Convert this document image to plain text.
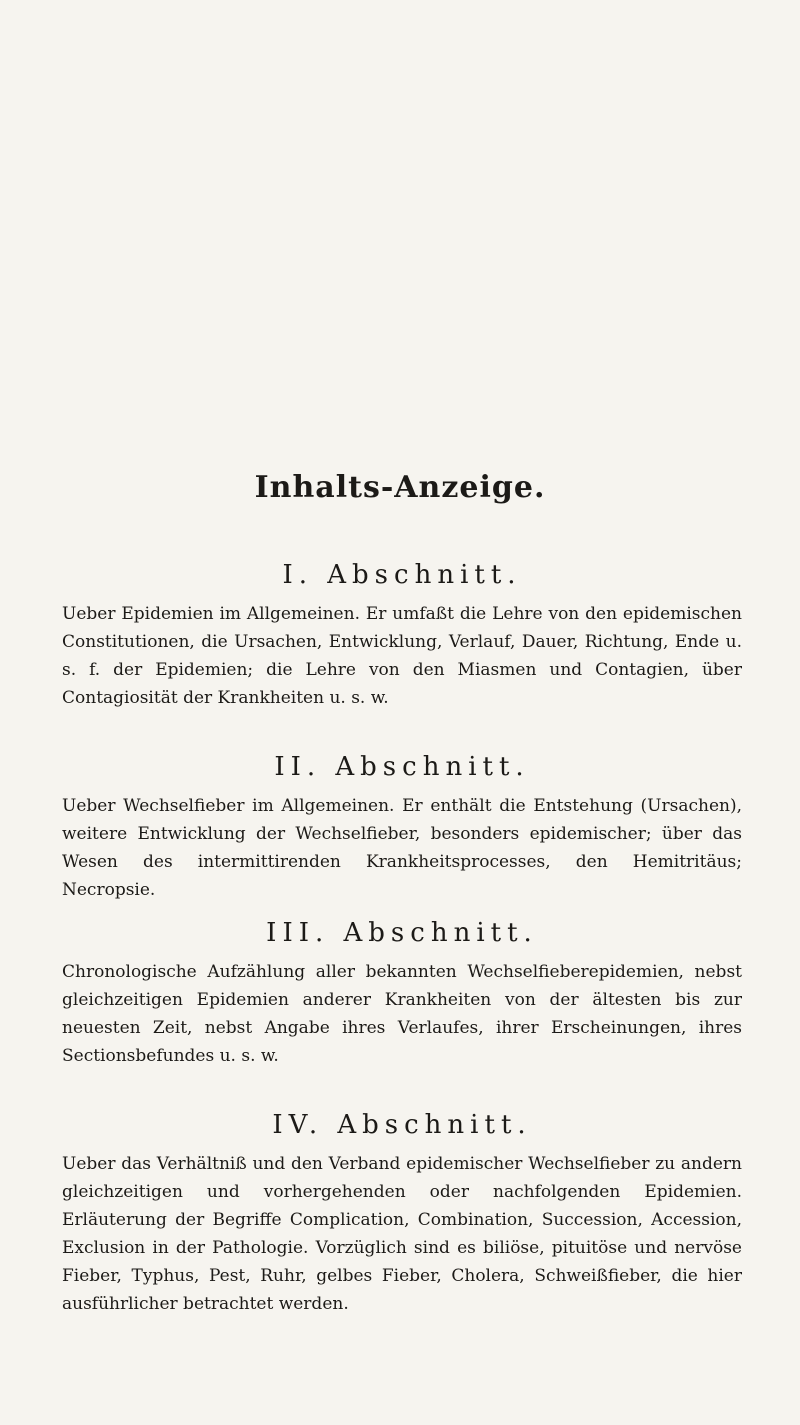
Inhalts-Anzeige.
I. Abschnitt.

Ueber Epidemien im Allgemeinen. Er umfaßt die Lehre von den epidemischen Constitutionen, die Ursachen, Entwicklung, Verlauf, Dauer, Richtung, Ende u. s. f. der Epidemien; die Lehre von den Miasmen und Contagien, über Contagiosität der Krankheiten u. s. w.

II. Abschnitt.

Ueber Wechselfieber im Allgemeinen. Er enthält die Entstehung (Ursachen), weitere Entwicklung der Wechselfieber, besonders epidemischer; über das Wesen des intermittirenden Krankheitsprocesses, den Hemitritäus; Necropsie.

III. Abschnitt.

Chronologische Aufzählung aller bekannten Wechselfieberepidemien, nebst gleichzeitigen Epidemien anderer Krankheiten von der ältesten bis zur neuesten Zeit, nebst Angabe ihres Verlaufes, ihrer Erscheinungen, ihres Sectionsbefundes u. s. w.

IV. Abschnitt.

Ueber das Verhältniß und den Verband epidemischer Wechselfieber zu andern gleichzeitigen und vorhergehenden oder nachfolgenden Epidemien. Erläuterung der Begriffe Complication, Combination, Succession, Accession, Exclusion in der Pathologie. Vorzüglich sind es biliöse, pituitöse und nervöse Fieber, Typhus, Pest, Ruhr, gelbes Fieber, Cholera, Schweißfieber, die hier ausführlicher betrachtet werden.
